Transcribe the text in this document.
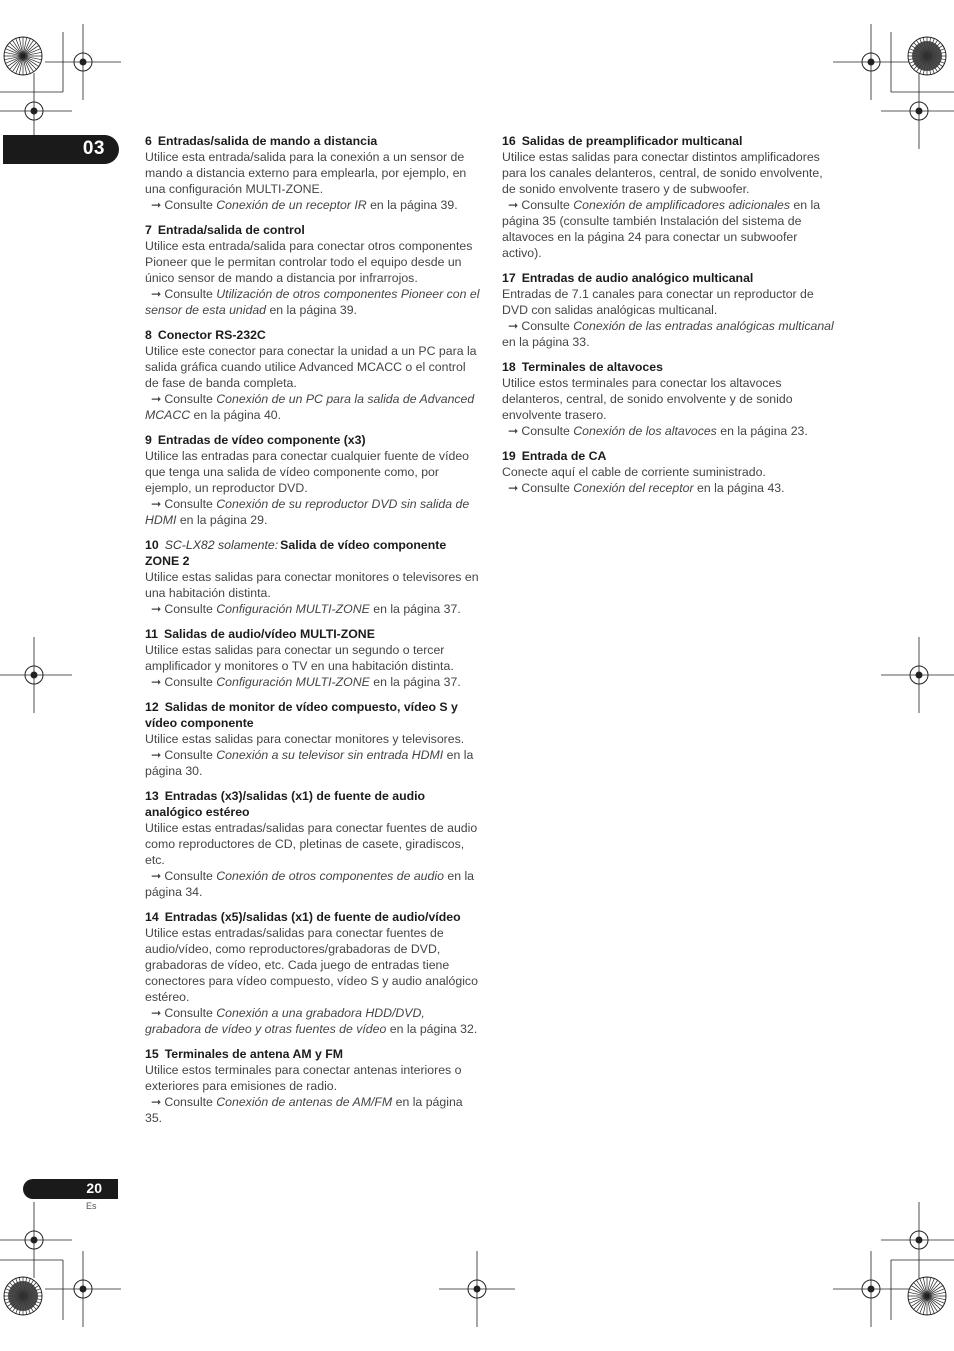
03
20
Es
6 Entradas/salida de mando a distancia
Utilice esta entrada/salida para la conexión a un sensor de mando a distancia externo para emplearla, por ejemplo, en una configuración MULTI-ZONE.
➞ Consulte Conexión de un receptor IR en la página 39.
7 Entrada/salida de control
Utilice esta entrada/salida para conectar otros componentes Pioneer que le permitan controlar todo el equipo desde un único sensor de mando a distancia por infrarrojos.
➞ Consulte Utilización de otros componentes Pioneer con el sensor de esta unidad en la página 39.
8 Conector RS-232C
Utilice este conector para conectar la unidad a un PC para la salida gráfica cuando utilice Advanced MCACC o el control de fase de banda completa.
➞ Consulte Conexión de un PC para la salida de Advanced MCACC en la página 40.
9 Entradas de vídeo componente (x3)
Utilice las entradas para conectar cualquier fuente de vídeo que tenga una salida de vídeo componente como, por ejemplo, un reproductor DVD.
➞ Consulte Conexión de su reproductor DVD sin salida de HDMI en la página 29.
10 SC-LX82 solamente: Salida de vídeo componente ZONE 2
Utilice estas salidas para conectar monitores o televisores en una habitación distinta.
➞ Consulte Configuración MULTI-ZONE en la página 37.
11 Salidas de audio/vídeo MULTI-ZONE
Utilice estas salidas para conectar un segundo o tercer amplificador y monitores o TV en una habitación distinta.
➞ Consulte Configuración MULTI-ZONE en la página 37.
12 Salidas de monitor de vídeo compuesto, vídeo S y vídeo componente
Utilice estas salidas para conectar monitores y televisores.
➞ Consulte Conexión a su televisor sin entrada HDMI en la página 30.
13 Entradas (x3)/salidas (x1) de fuente de audio analógico estéreo
Utilice estas entradas/salidas para conectar fuentes de audio como reproductores de CD, pletinas de casete, giradiscos, etc.
➞ Consulte Conexión de otros componentes de audio en la página 34.
14 Entradas (x5)/salidas (x1) de fuente de audio/vídeo
Utilice estas entradas/salidas para conectar fuentes de audio/vídeo, como reproductores/grabadoras de DVD, grabadoras de vídeo, etc. Cada juego de entradas tiene conectores para vídeo compuesto, vídeo S y audio analógico estéreo.
➞ Consulte Conexión a una grabadora HDD/DVD, grabadora de vídeo y otras fuentes de vídeo en la página 32.
15 Terminales de antena AM y FM
Utilice estos terminales para conectar antenas interiores o exteriores para emisiones de radio.
➞ Consulte Conexión de antenas de AM/FM en la página 35.
16 Salidas de preamplificador multicanal
Utilice estas salidas para conectar distintos amplificadores para los canales delanteros, central, de sonido envolvente, de sonido envolvente trasero y de subwoofer.
➞ Consulte Conexión de amplificadores adicionales en la página 35 (consulte también Instalación del sistema de altavoces en la página 24 para conectar un subwoofer activo).
17 Entradas de audio analógico multicanal
Entradas de 7.1 canales para conectar un reproductor de DVD con salidas analógicas multicanal.
➞ Consulte Conexión de las entradas analógicas multicanal en la página 33.
18 Terminales de altavoces
Utilice estos terminales para conectar los altavoces delanteros, central, de sonido envolvente y de sonido envolvente trasero.
➞ Consulte Conexión de los altavoces en la página 23.
19 Entrada de CA
Conecte aquí el cable de corriente suministrado.
➞ Consulte Conexión del receptor en la página 43.
